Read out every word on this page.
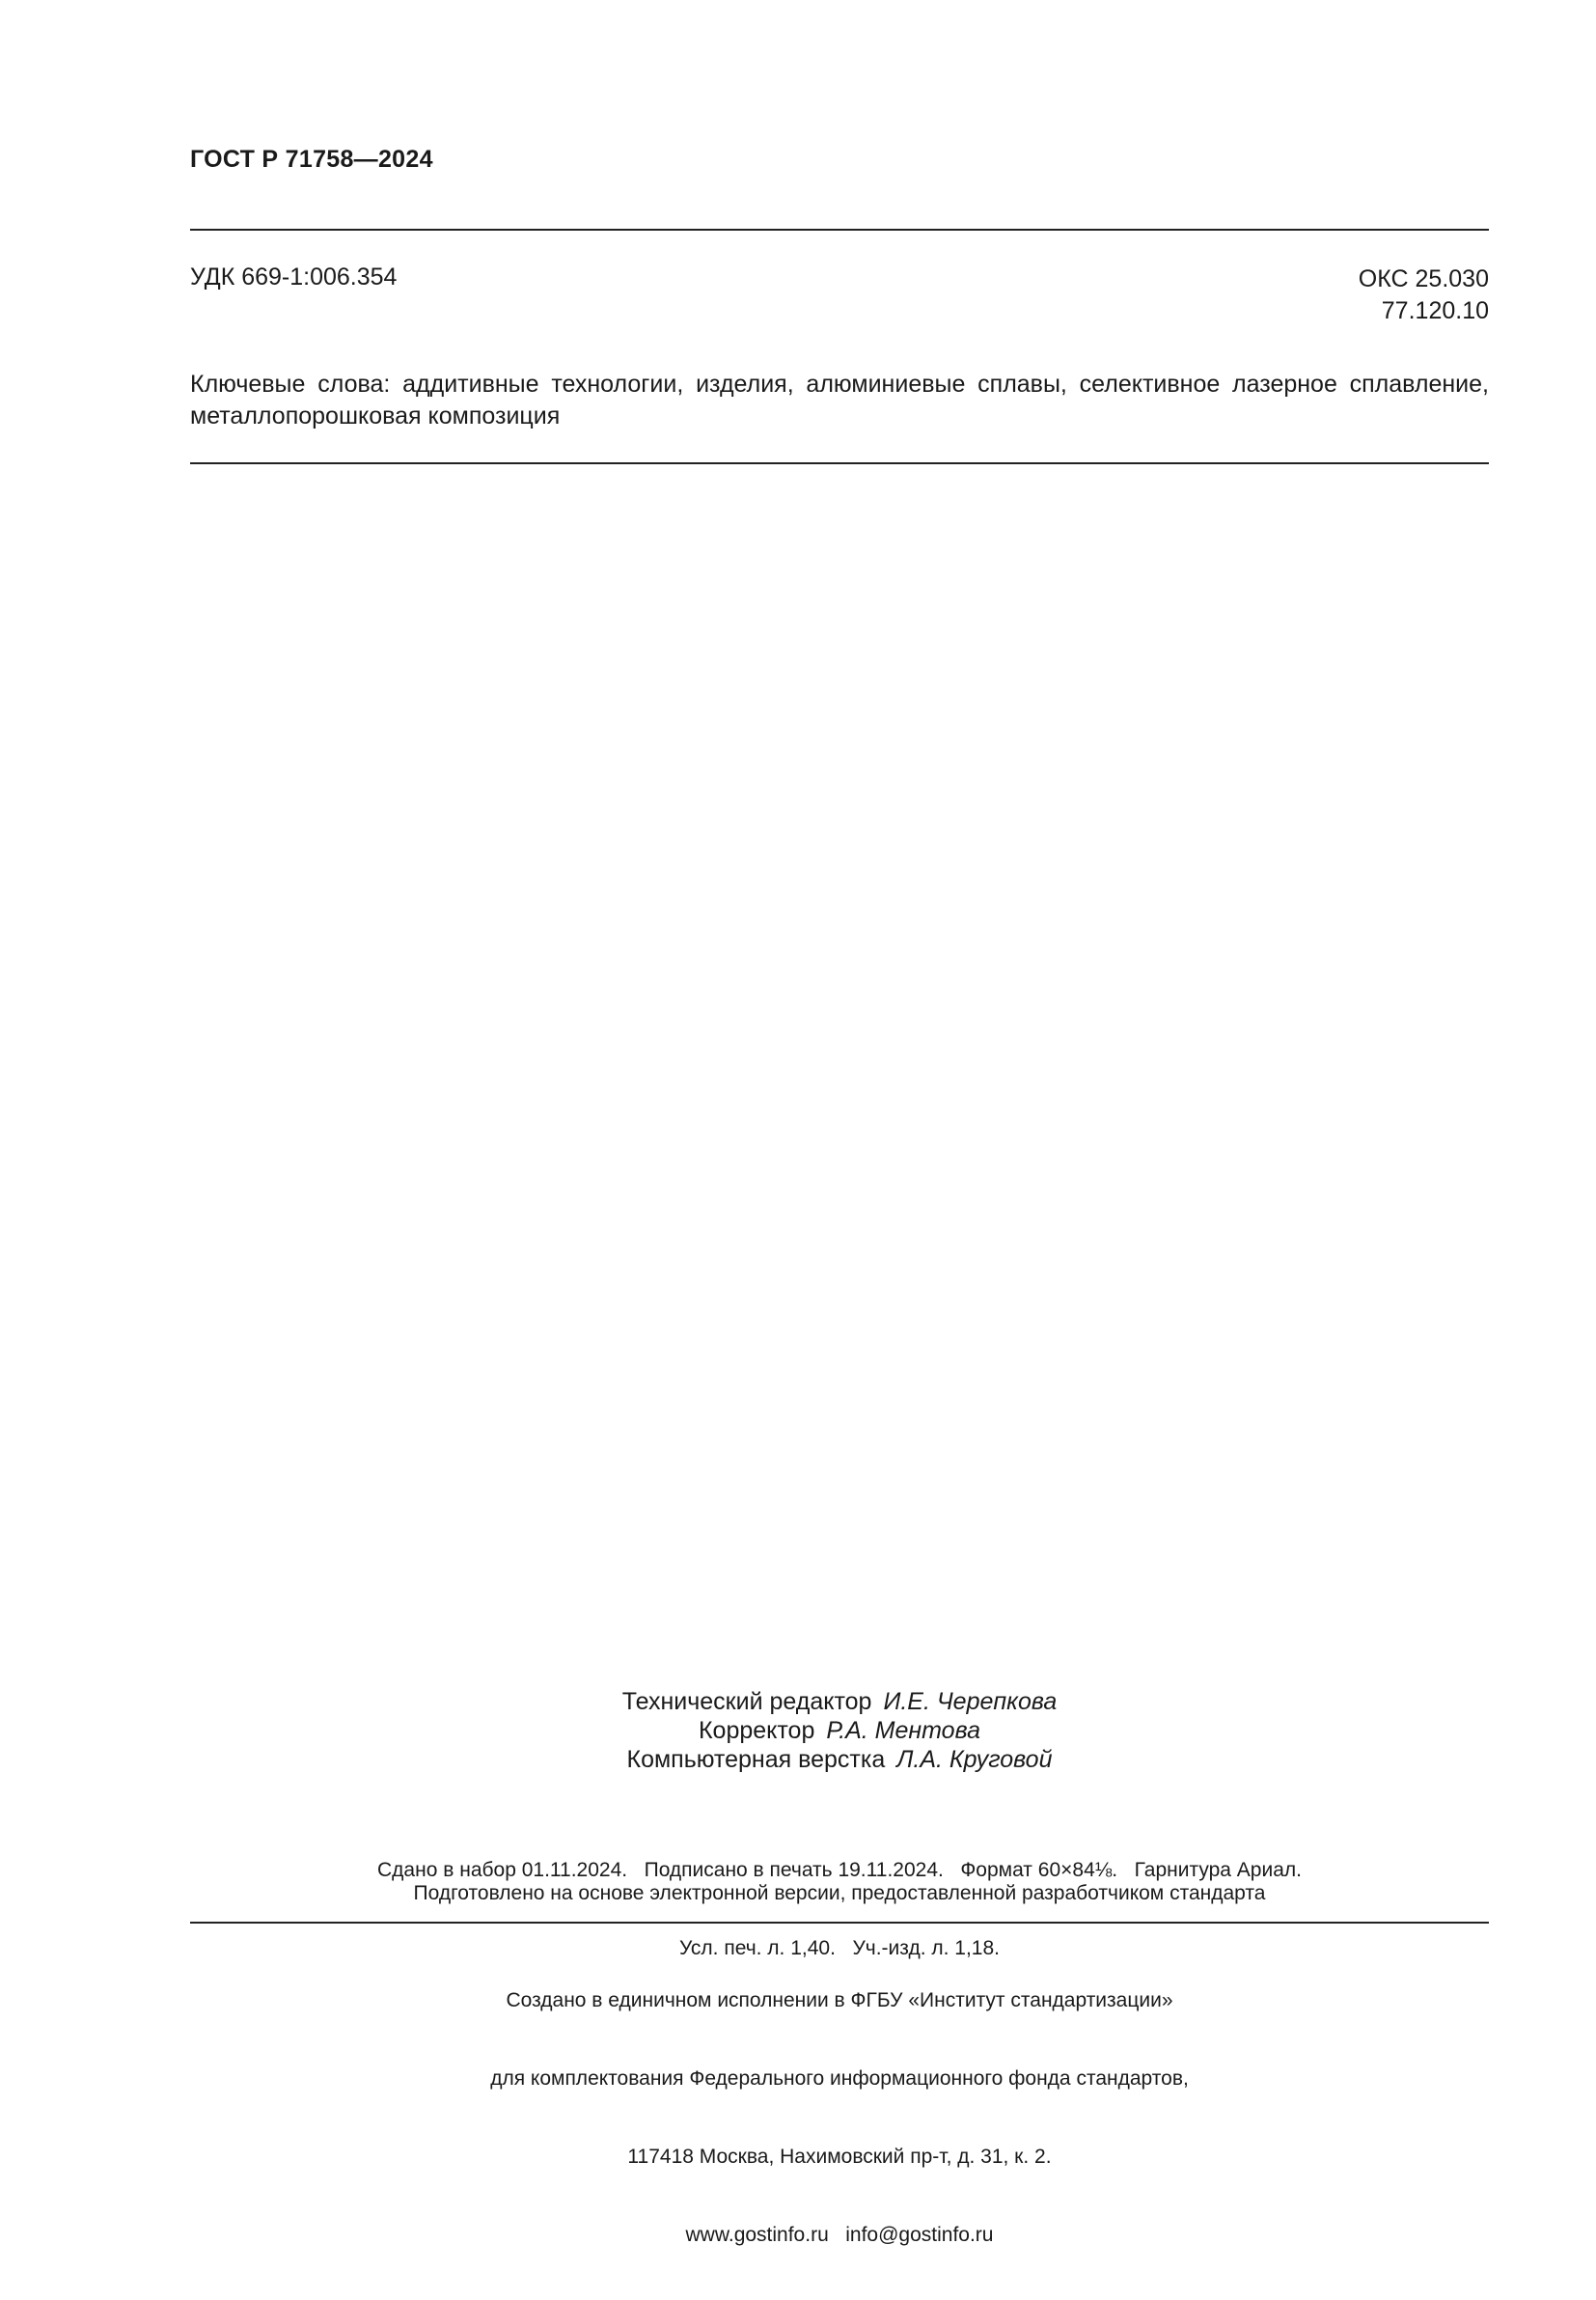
ГОСТ Р 71758—2024
УДК 669-1:006.354	ОКС 25.030
77.120.10
Ключевые слова: аддитивные технологии, изделия, алюминиевые сплавы, селективное лазерное сплавление, металлопорошковая композиция
Технический редактор И.Е. Черепкова
Корректор Р.А. Ментова
Компьютерная верстка Л.А. Круговой

Сдано в набор 01.11.2024.   Подписано в печать 19.11.2024.   Формат 60×84⅛.   Гарнитура Ариал.

Усл. печ. л. 1,40.   Уч.-изд. л. 1,18.

Подготовлено на основе электронной версии, предоставленной разработчиком стандарта

Создано в единичном исполнении в ФГБУ «Институт стандартизации»

для комплектования Федерального информационного фонда стандартов,

117418 Москва, Нахимовский пр-т, д. 31, к. 2.

www.gostinfo.ru   info@gostinfo.ru
